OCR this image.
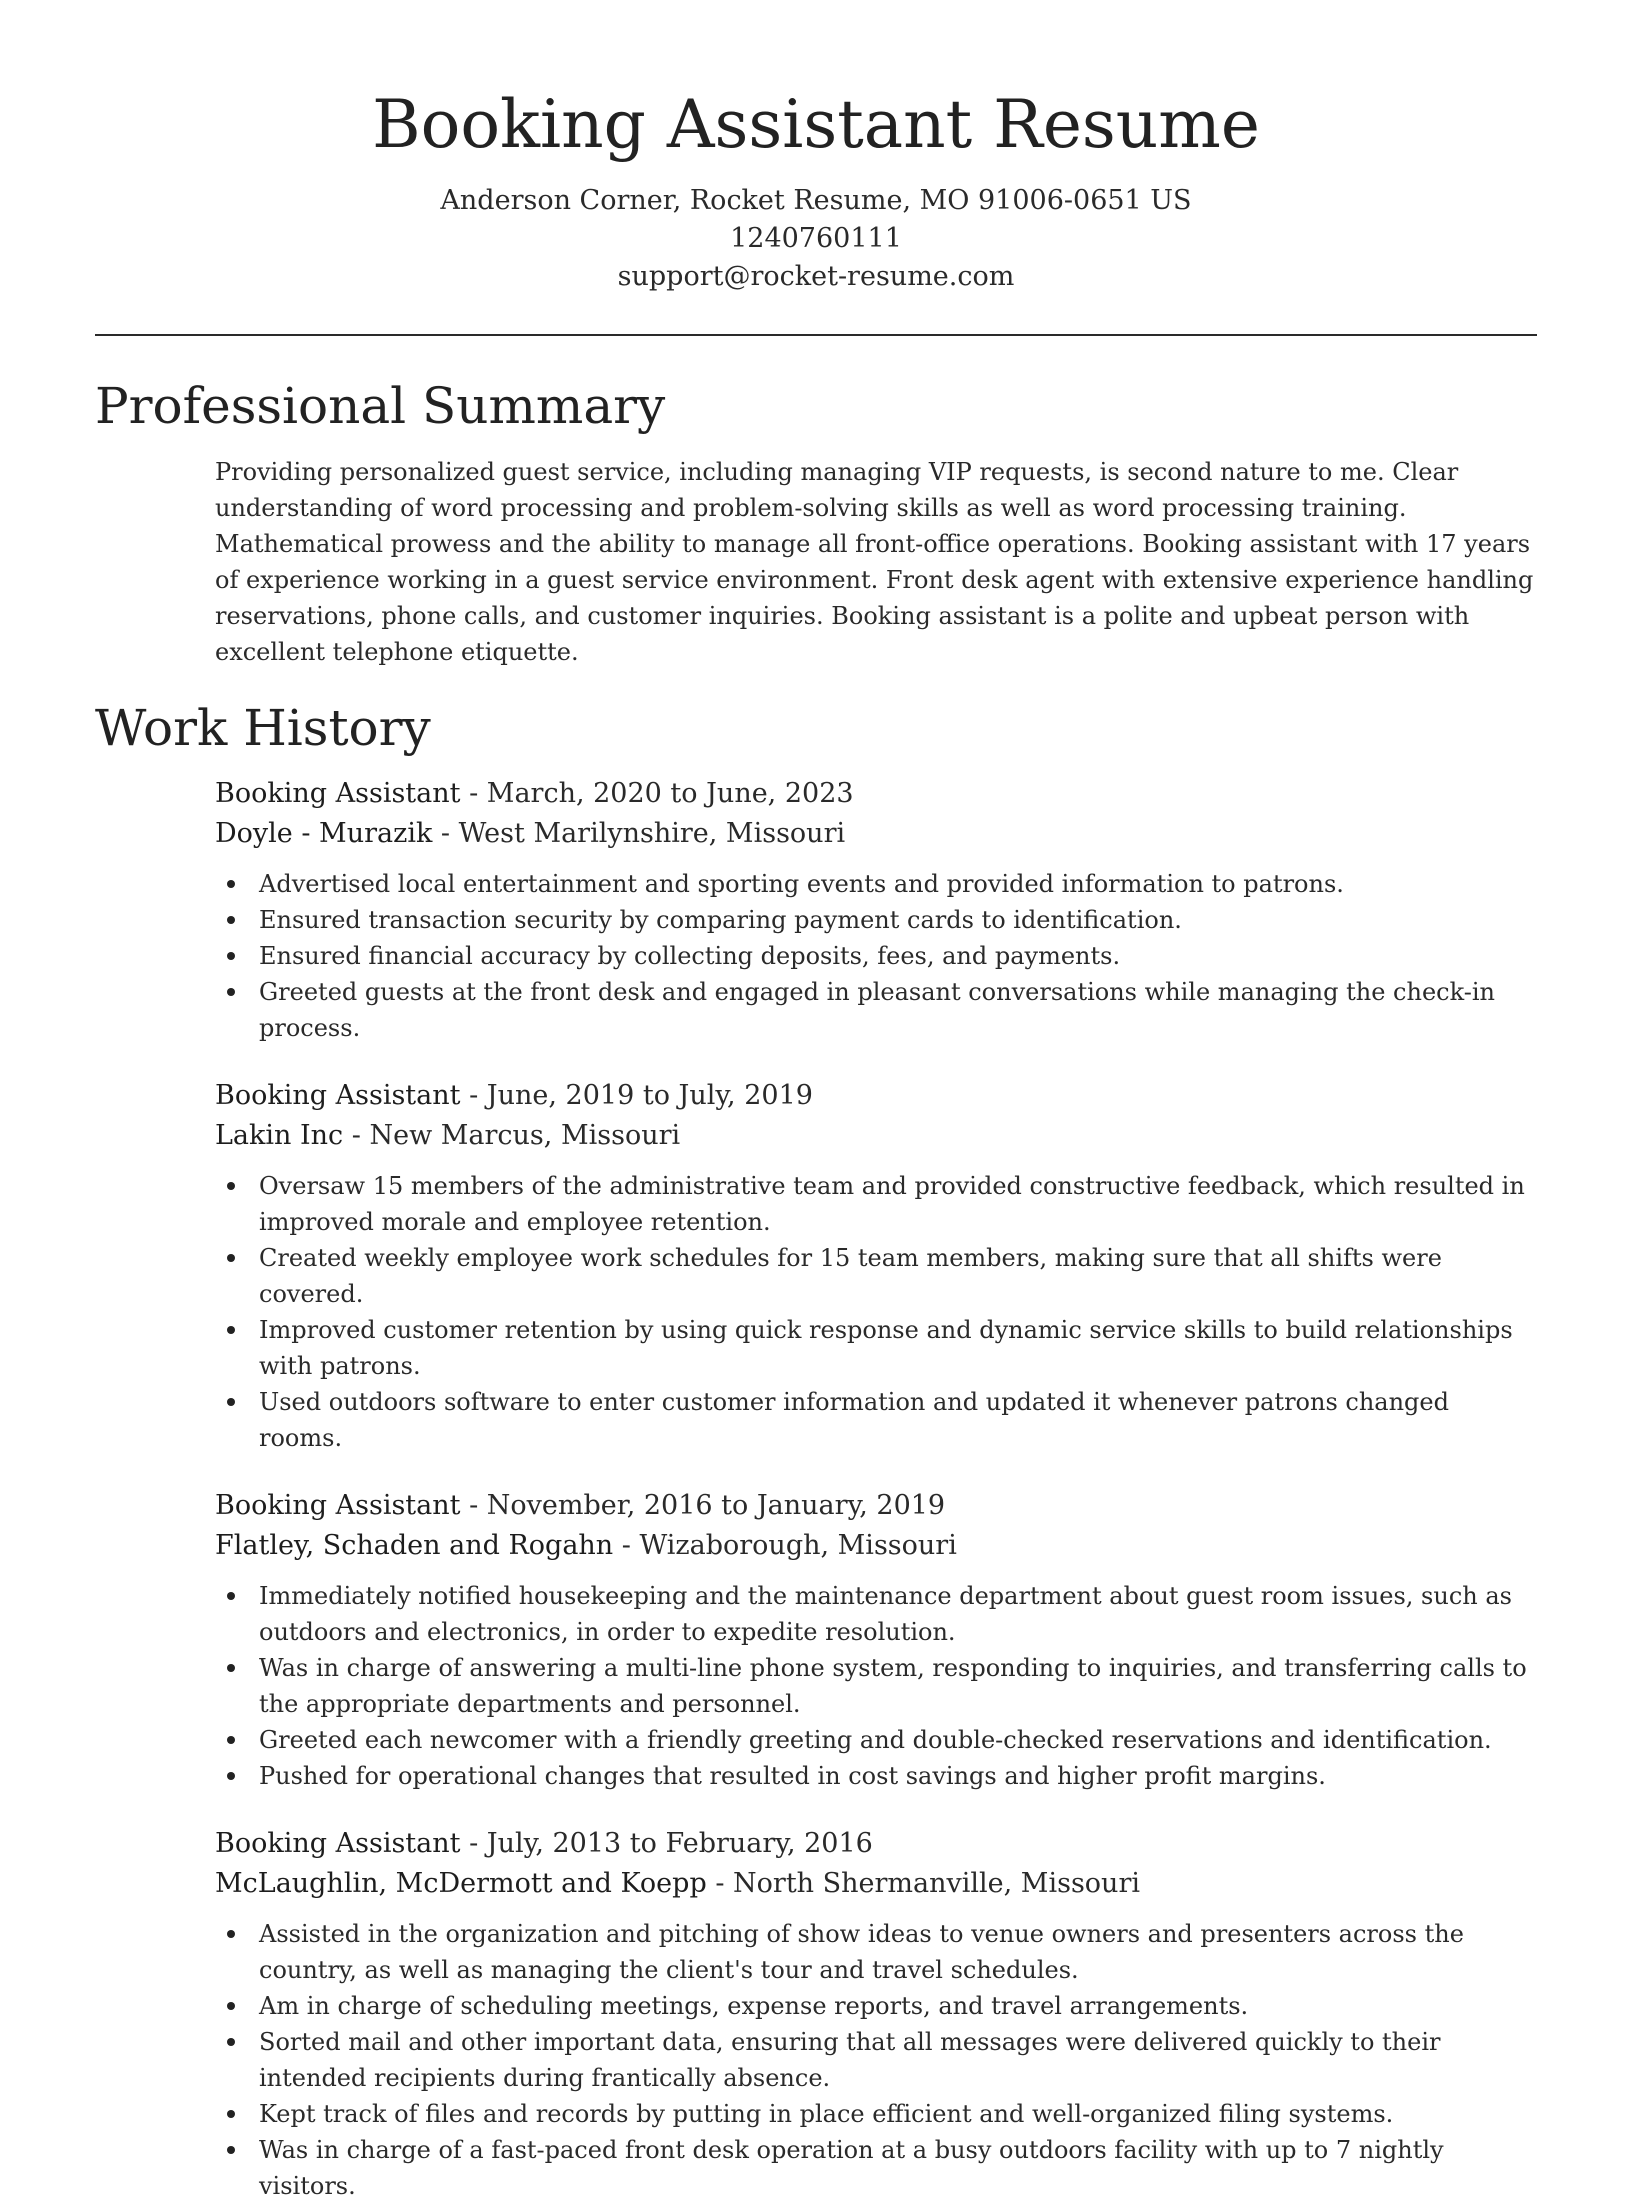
Booking Assistant Resume
Anderson Corner, Rocket Resume, MO 91006-0651 US
1240760111
support@rocket-resume.com
Professional Summary

Providing personalized guest service, including managing VIP requests, is second nature to me. Clear understanding of word processing and problem-solving skills as well as word processing training. Mathematical prowess and the ability to manage all front-office operations. Booking assistant with 17 years of experience working in a guest service environment. Front desk agent with extensive experience handling reservations, phone calls, and customer inquiries. Booking assistant is a polite and upbeat person with excellent telephone etiquette.

Work History
Booking Assistant - March, 2020 to June, 2023
Doyle - Murazik - West Marilynshire, Missouri
Advertised local entertainment and sporting events and provided information to patrons.
Ensured transaction security by comparing payment cards to identification.
Ensured financial accuracy by collecting deposits, fees, and payments.
Greeted guests at the front desk and engaged in pleasant conversations while managing the check-in process.
Booking Assistant - June, 2019 to July, 2019
Lakin Inc - New Marcus, Missouri
Oversaw 15 members of the administrative team and provided constructive feedback, which resulted in improved morale and employee retention.
Created weekly employee work schedules for 15 team members, making sure that all shifts were covered.
Improved customer retention by using quick response and dynamic service skills to build relationships with patrons.
Used outdoors software to enter customer information and updated it whenever patrons changed rooms.
Booking Assistant - November, 2016 to January, 2019
Flatley, Schaden and Rogahn - Wizaborough, Missouri
Immediately notified housekeeping and the maintenance department about guest room issues, such as outdoors and electronics, in order to expedite resolution.
Was in charge of answering a multi-line phone system, responding to inquiries, and transferring calls to the appropriate departments and personnel.
Greeted each newcomer with a friendly greeting and double-checked reservations and identification.
Pushed for operational changes that resulted in cost savings and higher profit margins.
Booking Assistant - July, 2013 to February, 2016
McLaughlin, McDermott and Koepp - North Shermanville, Missouri
Assisted in the organization and pitching of show ideas to venue owners and presenters across the country, as well as managing the client's tour and travel schedules.
Am in charge of scheduling meetings, expense reports, and travel arrangements.
Sorted mail and other important data, ensuring that all messages were delivered quickly to their intended recipients during frantically absence.
Kept track of files and records by putting in place efficient and well-organized filing systems.
Was in charge of a fast-paced front desk operation at a busy outdoors facility with up to 7 nightly visitors.
